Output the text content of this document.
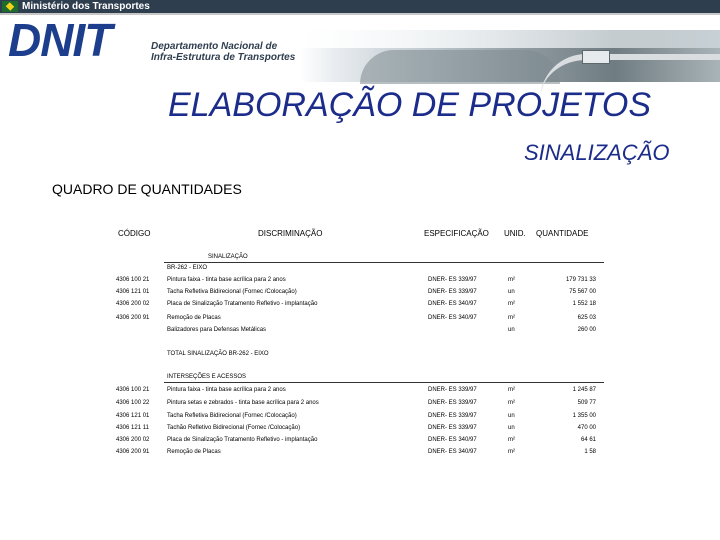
Ministério dos Transportes
DNIT	Departamento Nacional de
Infra-Estrutura de Transportes
ELABORAÇÃO DE PROJETOS
SINALIZAÇÃO
QUADRO DE QUANTIDADES
CÓDIGO	DISCRIMINAÇÃO	ESPECIFICAÇÃO UNID. QUANTIDADE
SINALIZAÇÃO
BR-262 - EIXO
4306 100 21	Pintura faixa - tinta base acrílica para 2 anos	DNER- ES 339/97	m²	179 731 33
4306 121 01	Tacha Refletiva Bidirecional (Fornec /Colocação)	DNER- ES 339/97	un	75 567 00
4306 200 02	Placa de Sinalização Tratamento Refletivo - implantação	DNER- ES 340/97	m²	1 552 18
4306 200 91	Remoção de Placas	DNER- ES 340/97	m²	625 03
Balizadores para Defensas Metálicas	un	260 00
TOTAL SINALIZAÇÃO BR-262 - EIXO
INTERSEÇÕES E ACESSOS
4306 100 21	Pintura faixa - tinta base acrílica para 2 anos	DNER- ES 339/97	m²	1 245 87
4306 100 22	Pintura setas e zebrados - tinta base acrílica para 2 anos	DNER- ES 339/97	m²	509 77
4306 121 01	Tacha Refletiva Bidirecional (Fornec /Colocação)	DNER- ES 339/97	un	1 355 00
4306 121 11	Tachão Refletivo Bidirecional (Fornec /Colocação)	DNER- ES 339/97	un	470 00
4306 200 02	Placa de Sinalização Tratamento Refletivo - implantação	DNER- ES 340/97	m²	64 61
4306 200 91	Remoção de Placas	DNER- ES 340/97	m²	1 58
